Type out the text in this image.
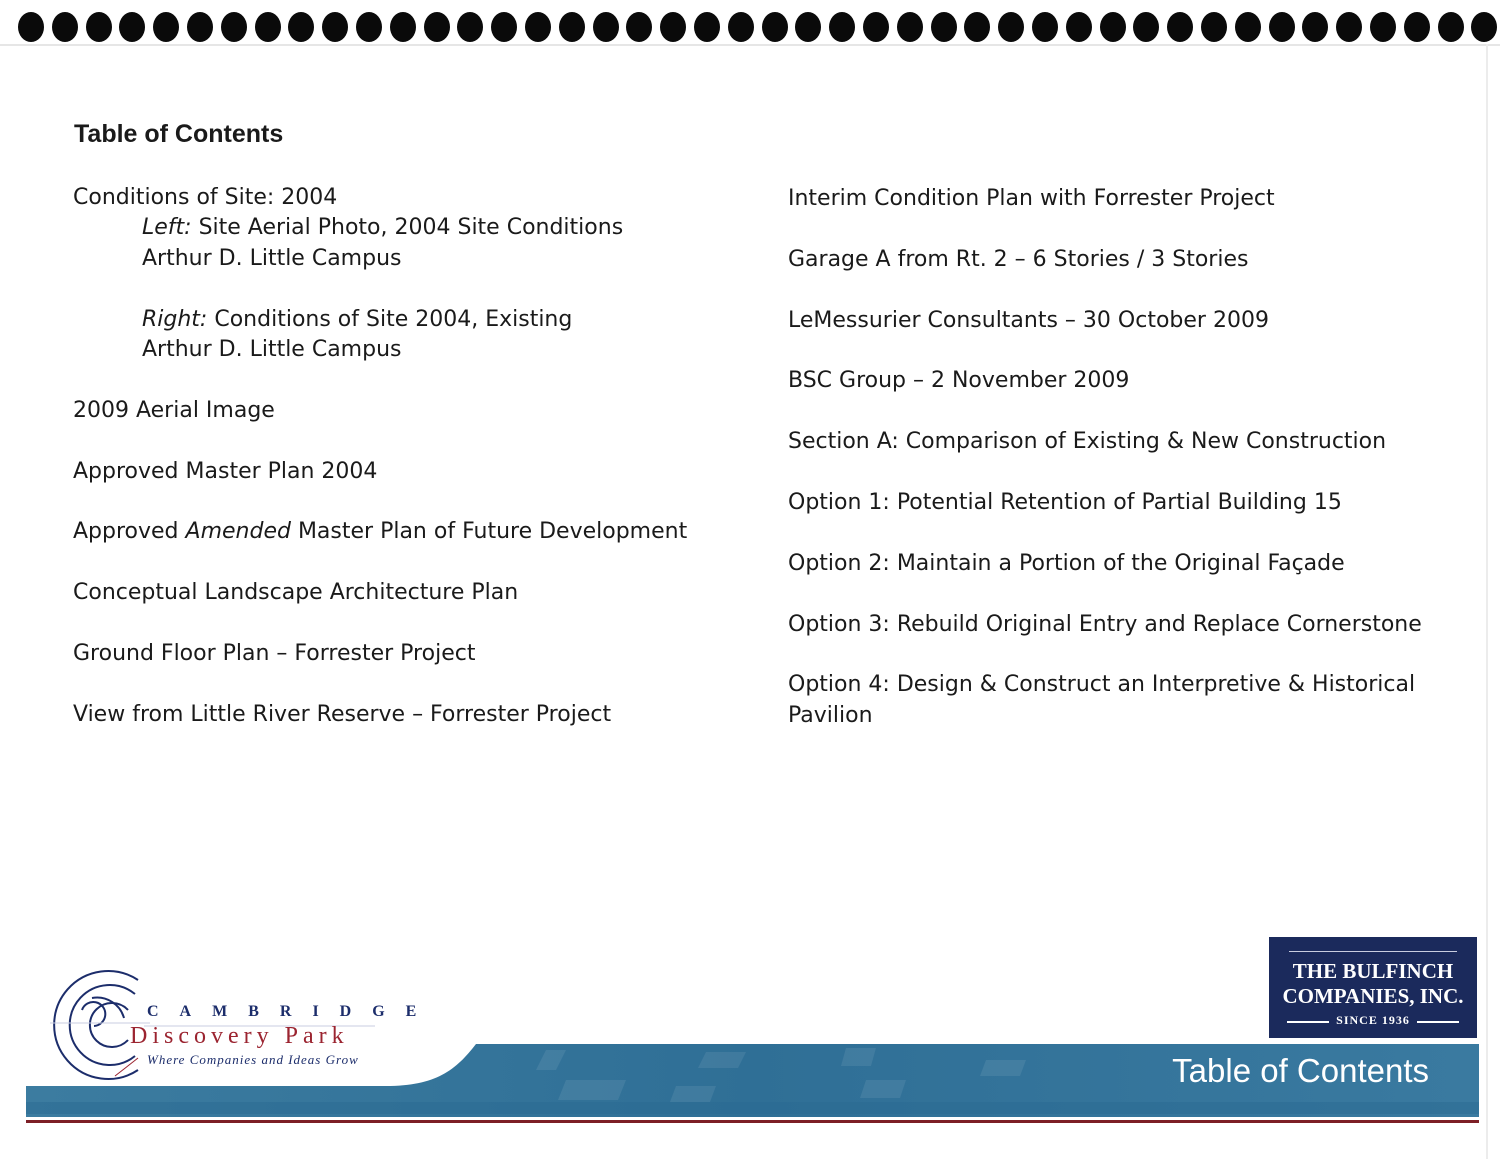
Table of Contents
Conditions of Site: 2004
Left: Site Aerial Photo, 2004 Site Conditions
Arthur D. Little Campus
Right: Conditions of Site 2004, Existing
Arthur D. Little Campus
2009 Aerial Image
Approved Master Plan 2004
Approved Amended Master Plan of Future Development
Conceptual Landscape Architecture Plan
Ground Floor Plan – Forrester Project
View from Little River Reserve – Forrester Project
Interim Condition Plan with Forrester Project
Garage A from Rt. 2 – 6 Stories / 3 Stories
LeMessurier Consultants – 30 October 2009
BSC Group – 2 November 2009
Section A: Comparison of Existing & New Construction
Option 1: Potential Retention of Partial Building 15
Option 2: Maintain a Portion of the Original Façade
Option 3: Rebuild Original Entry and Replace Cornerstone
Option 4: Design & Construct an Interpretive & Historical
Pavilion
Table of Contents
CAMBRIDGE
Discovery Park
Where Companies and Ideas Grow
THE BULFINCH
COMPANIES, INC.
SINCE 1936
